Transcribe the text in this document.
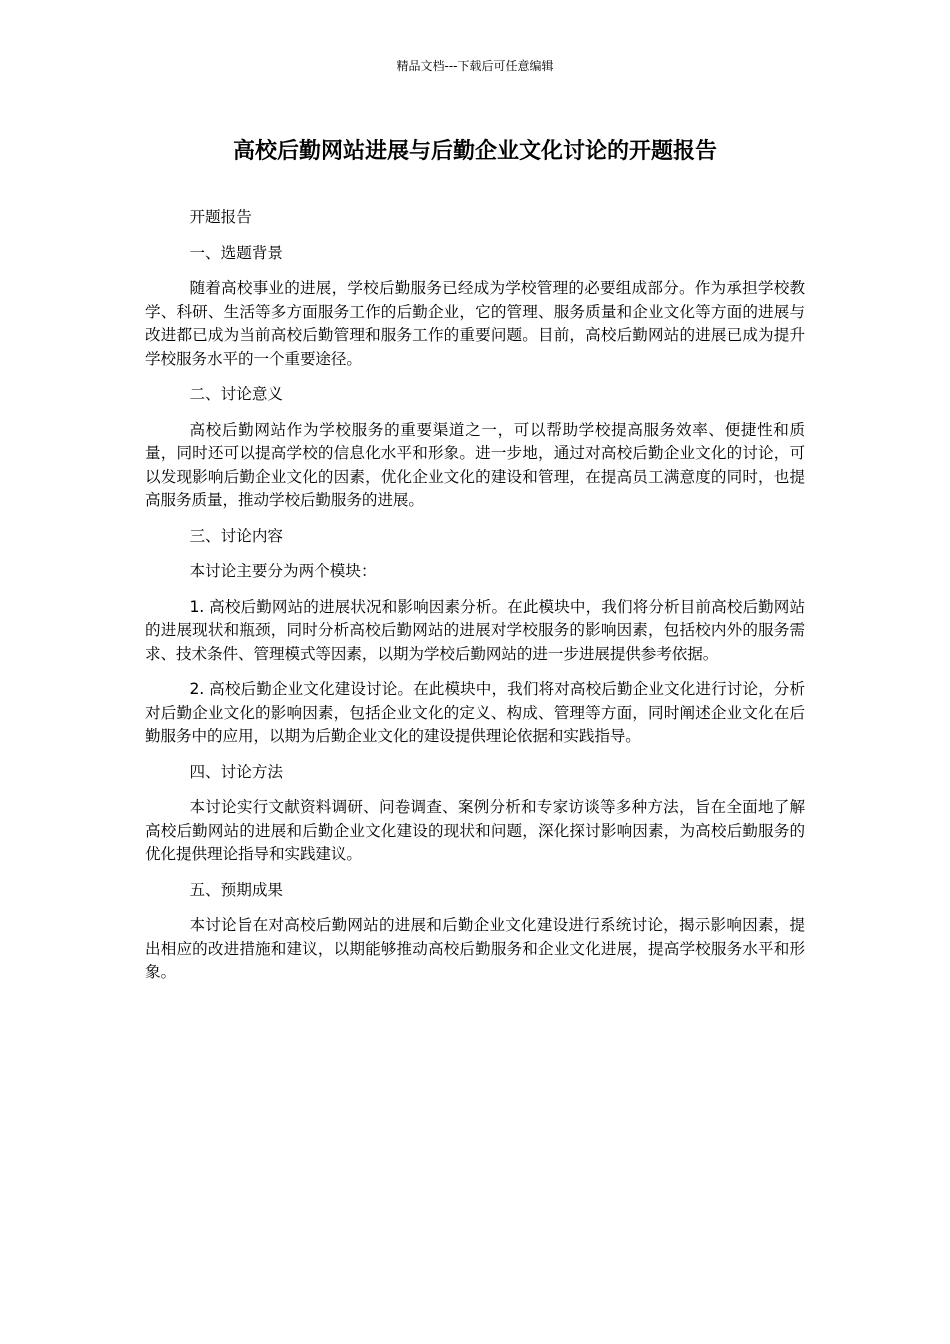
精品文档---下载后可任意编辑
高校后勤网站进展与后勤企业文化讨论的开题报告
开题报告
一、选题背景
随着高校事业的进展，学校后勤服务已经成为学校管理的必要组成部分。作为承担学校教学、科研、生活等多方面服务工作的后勤企业，它的管理、服务质量和企业文化等方面的进展与改进都已成为当前高校后勤管理和服务工作的重要问题。目前，高校后勤网站的进展已成为提升学校服务水平的一个重要途径。
二、讨论意义
高校后勤网站作为学校服务的重要渠道之一，可以帮助学校提高服务效率、便捷性和质量，同时还可以提高学校的信息化水平和形象。进一步地，通过对高校后勤企业文化的讨论，可以发现影响后勤企业文化的因素，优化企业文化的建设和管理，在提高员工满意度的同时，也提高服务质量，推动学校后勤服务的进展。
三、讨论内容
本讨论主要分为两个模块：
1. 高校后勤网站的进展状况和影响因素分析。在此模块中，我们将分析目前高校后勤网站的进展现状和瓶颈，同时分析高校后勤网站的进展对学校服务的影响因素，包括校内外的服务需求、技术条件、管理模式等因素，以期为学校后勤网站的进一步进展提供参考依据。
2. 高校后勤企业文化建设讨论。在此模块中，我们将对高校后勤企业文化进行讨论，分析对后勤企业文化的影响因素，包括企业文化的定义、构成、管理等方面，同时阐述企业文化在后勤服务中的应用，以期为后勤企业文化的建设提供理论依据和实践指导。
四、讨论方法
本讨论实行文献资料调研、问卷调查、案例分析和专家访谈等多种方法，旨在全面地了解高校后勤网站的进展和后勤企业文化建设的现状和问题，深化探讨影响因素，为高校后勤服务的优化提供理论指导和实践建议。
五、预期成果
本讨论旨在对高校后勤网站的进展和后勤企业文化建设进行系统讨论，揭示影响因素，提出相应的改进措施和建议，以期能够推动高校后勤服务和企业文化进展，提高学校服务水平和形象。
